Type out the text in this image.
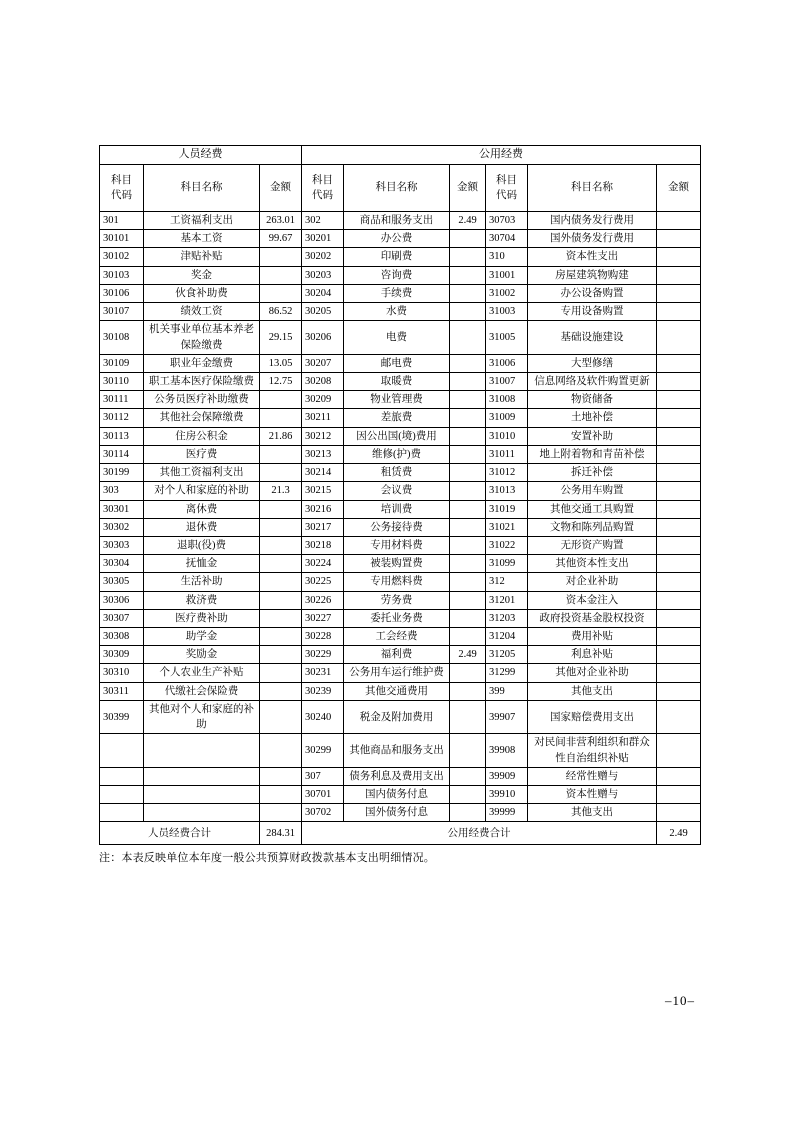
人员经费			公用经费					
科目代码	科目名称	金额	科目代码	科目名称	金额	科目代码	科目名称	金额
301	工资福利支出	263.01	302	商品和服务支出	2.49	30703	国内债务发行费用	
30101	基本工资	99.67	30201	办公费		30704	国外债务发行费用	
30102	津贴补贴		30202	印刷费		310	资本性支出	
30103	奖金		30203	咨询费		31001	房屋建筑物购建	
30106	伙食补助费		30204	手续费		31002	办公设备购置	
30107	绩效工资	86.52	30205	水费		31003	专用设备购置	
30108	机关事业单位基本养老保险缴费	29.15	30206	电费		31005	基础设施建设	
30109	职业年金缴费	13.05	30207	邮电费		31006	大型修缮	
30110	职工基本医疗保险缴费	12.75	30208	取暖费		31007	信息网络及软件购置更新	
30111	公务员医疗补助缴费		30209	物业管理费		31008	物资储备	
30112	其他社会保障缴费		30211	差旅费		31009	土地补偿	
30113	住房公积金	21.86	30212	因公出国(境)费用		31010	安置补助	
30114	医疗费		30213	维修(护)费		31011	地上附着物和青苗补偿	
30199	其他工资福利支出		30214	租赁费		31012	拆迁补偿	
303	对个人和家庭的补助	21.3	30215	会议费		31013	公务用车购置	
30301	离休费		30216	培训费		31019	其他交通工具购置	
30302	退休费		30217	公务接待费		31021	文物和陈列品购置	
30303	退职(役)费		30218	专用材料费		31022	无形资产购置	
30304	抚恤金		30224	被装购置费		31099	其他资本性支出	
30305	生活补助		30225	专用燃料费		312	对企业补助	
30306	救济费		30226	劳务费		31201	资本金注入	
30307	医疗费补助		30227	委托业务费		31203	政府投资基金股权投资	
30308	助学金		30228	工会经费		31204	费用补贴	
30309	奖励金		30229	福利费	2.49	31205	利息补贴	
30310	个人农业生产补贴		30231	公务用车运行维护费		31299	其他对企业补助	
30311	代缴社会保险费		30239	其他交通费用		399	其他支出	
30399	其他对个人和家庭的补助		30240	税金及附加费用		39907	国家赔偿费用支出	
			30299	其他商品和服务支出		39908	对民间非营利组织和群众性自治组织补贴	
			307	债务利息及费用支出		39909	经常性赠与	
			30701	国内债务付息		39910	资本性赠与	
			30702	国外债务付息		39999	其他支出	
人员经费合计		284.31	公用经费合计					2.49
注：本表反映单位本年度一般公共预算财政拨款基本支出明细情况。
–10–
